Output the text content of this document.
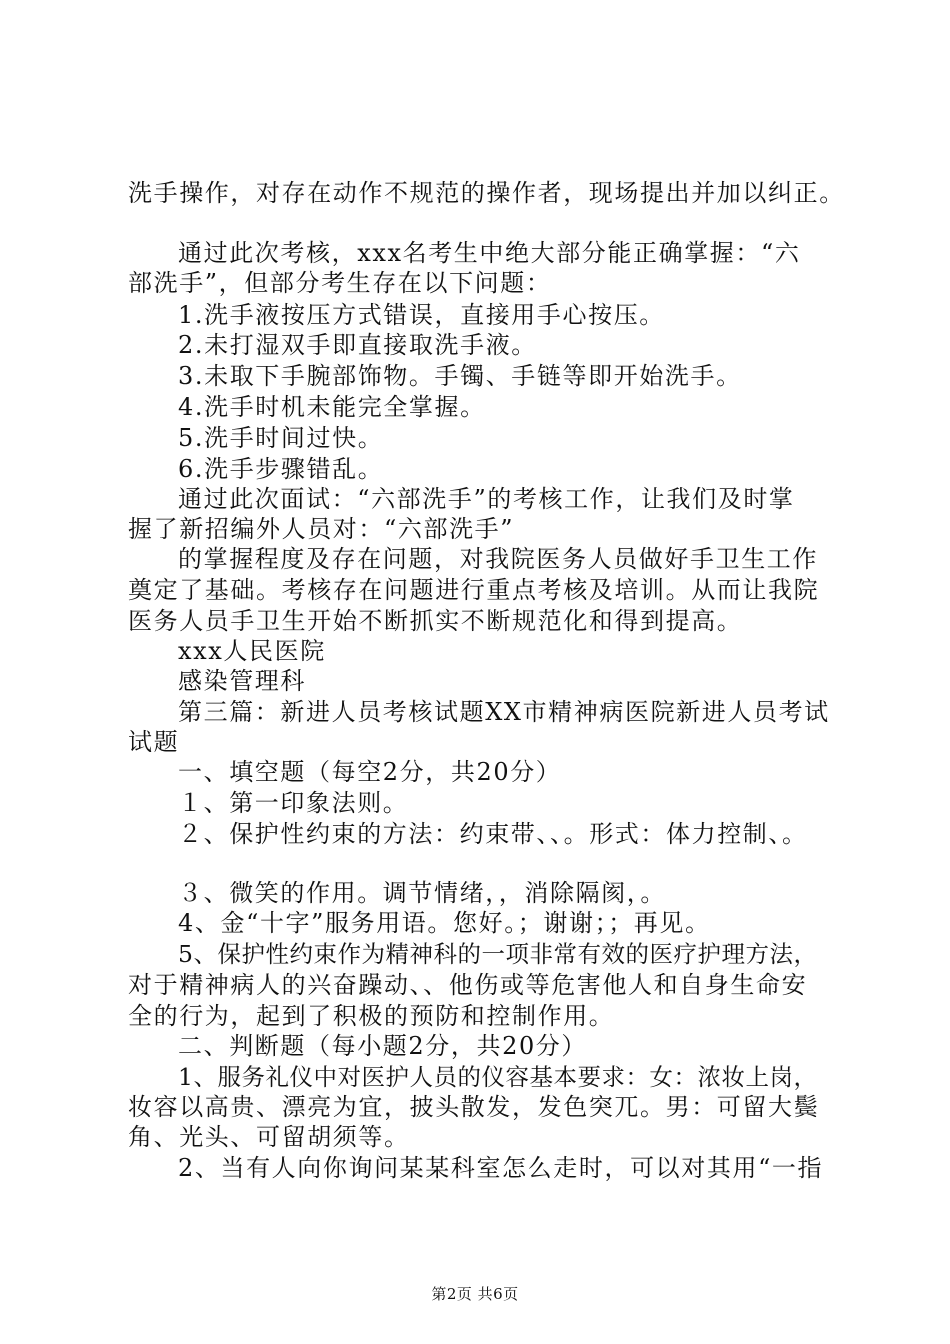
洗手操作，对存在动作不规范的操作者，现场提出并加以纠正。
通过此次考核，xxx名考生中绝大部分能正确掌握：“六
部洗手”，但部分考生存在以下问题：
1.洗手液按压方式错误，直接用手心按压。
2.未打湿双手即直接取洗手液。
3.未取下手腕部饰物。手镯、手链等即开始洗手。
4.洗手时机未能完全掌握。
5.洗手时间过快。
6.洗手步骤错乱。
通过此次面试：“六部洗手”的考核工作，让我们及时掌
握了新招编外人员对：“六部洗手”
的掌握程度及存在问题，对我院医务人员做好手卫生工作
奠定了基础。考核存在问题进行重点考核及培训。从而让我院
医务人员手卫生开始不断抓实不断规范化和得到提高。
xxx人民医院
感染管理科
第三篇：新进人员考核试题XX市精神病医院新进人员考试
试题
一、填空题（每空2分，共20分）
１、第一印象法则。
２、保护性约束的方法：约束带、、。形式：体力控制、。
３、微笑的作用。调节情绪，，消除隔阂，。
4、金“十字”服务用语。您好。；谢谢；；再见。
5、保护性约束作为精神科的一项非常有效的医疗护理方法，
对于精神病人的兴奋躁动、、他伤或等危害他人和自身生命安
全的行为，起到了积极的预防和控制作用。
二、判断题（每小题2分，共20分）
1、服务礼仪中对医护人员的仪容基本要求：女：浓妆上岗，
妆容以高贵、漂亮为宜，披头散发，发色突兀。男：可留大鬓
角、光头、可留胡须等。
2、当有人向你询问某某科室怎么走时，可以对其用“一指
第2页 共6页
